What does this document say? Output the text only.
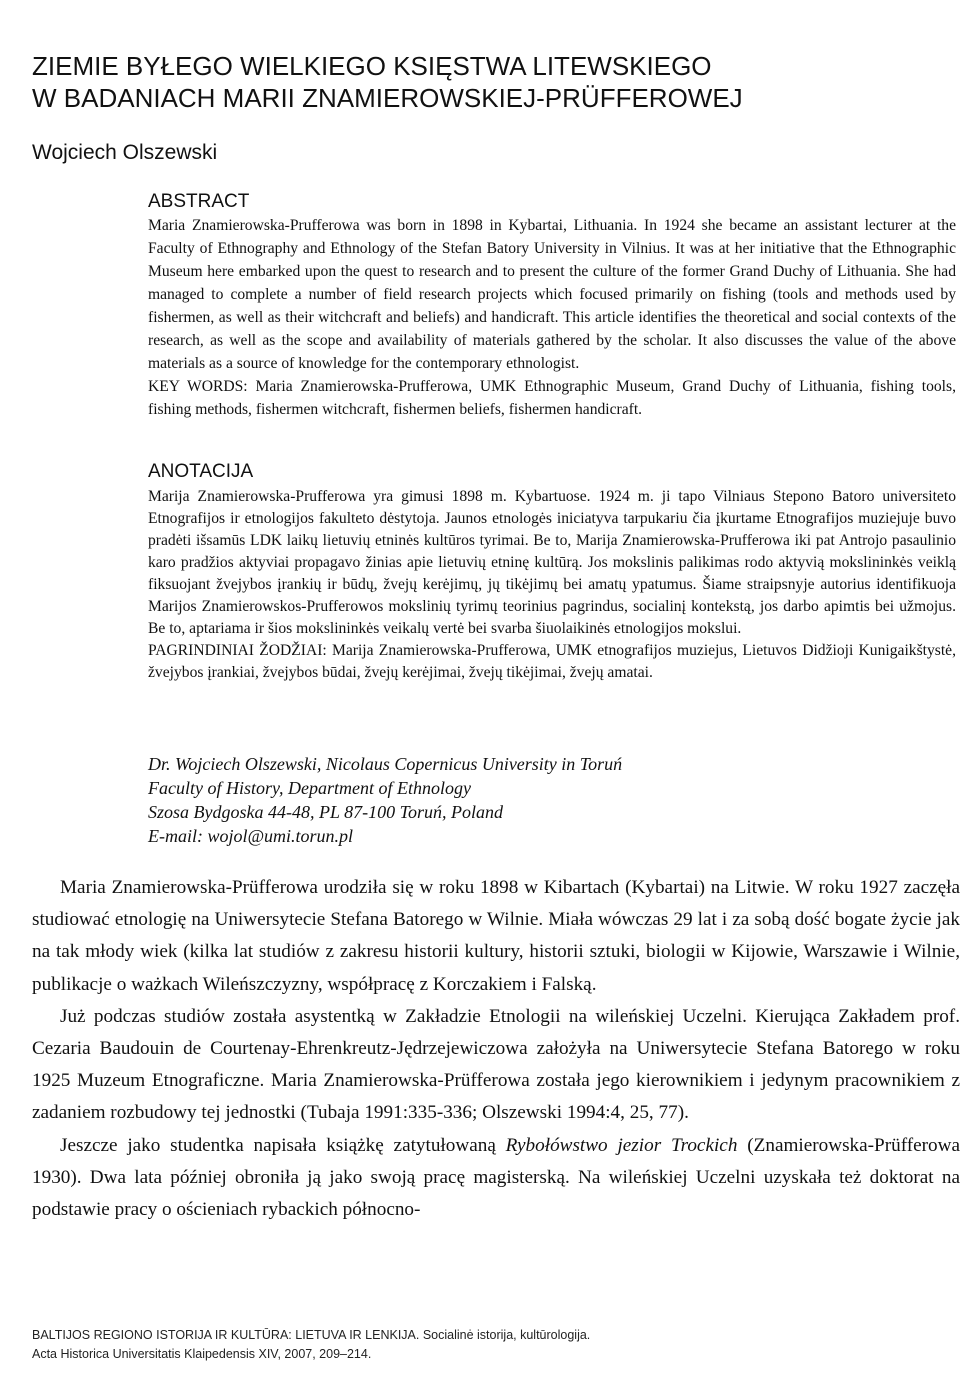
ZIEMIE BYŁEGO WIELKIEGO KSIĘSTWA LITEWSKIEGO
W BADANIACH MARII ZNAMIEROWSKIEJ-PRÜFFEROWEJ
Wojciech Olszewski
ABSTRACT

Maria Znamierowska-Prufferowa was born in 1898 in Kybartai, Lithuania. In 1924 she became an assistant lecturer at the Faculty of Ethnography and Ethnology of the Stefan Batory University in Vilnius. It was at her initiative that the Ethnographic Museum here embarked upon the quest to research and to present the culture of the former Grand Duchy of Lithuania. She had managed to complete a number of field research projects which focused primarily on fishing (tools and methods used by fishermen, as well as their witchcraft and beliefs) and handicraft. This article identifies the theoretical and social contexts of the research, as well as the scope and availability of materials gathered by the scholar. It also discusses the value of the above materials as a source of knowledge for the contemporary ethnologist.

KEY WORDS: Maria Znamierowska-Prufferowa, UMK Ethnographic Museum, Grand Duchy of Lithuania, fishing tools, fishing methods, fishermen witchcraft, fishermen beliefs, fishermen handicraft.

ANOTACIJA

Marija Znamierowska-Prufferowa yra gimusi 1898 m. Kybartuose. 1924 m. ji tapo Vilniaus Stepono Batoro universiteto Etnografijos ir etnologijos fakulteto dėstytoja. Jaunos etnologės iniciatyva tarpukariu čia įkurtame Etnografijos muziejuje buvo pradėti išsamūs LDK laikų lietuvių etninės kultūros tyrimai. Be to, Marija Znamierowska-Prufferowa iki pat Antrojo pasaulinio karo pradžios aktyviai propagavo žinias apie lietuvių etninę kultūrą. Jos mokslinis palikimas rodo aktyvią mokslininkės veiklą fiksuojant žvejybos įrankių ir būdų, žvejų kerėjimų, jų tikėjimų bei amatų ypatumus. Šiame straipsnyje autorius identifikuoja Marijos Znamierowskos-Prufferowos mokslinių tyrimų teorinius pagrindus, socialinį kontekstą, jos darbo apimtis bei užmojus. Be to, aptariama ir šios mokslininkės veikalų vertė bei svarba šiuolaikinės etnologijos mokslui.

PAGRINDINIAI ŽODŽIAI: Marija Znamierowska-Prufferowa, UMK etnografijos muziejus, Lietuvos Didžioji Kunigaikštystė, žvejybos įrankiai, žvejybos būdai, žvejų kerėjimai, žvejų tikėjimai, žvejų amatai.

Dr. Wojciech Olszewski, Nicolaus Copernicus University in Toruń
Faculty of History, Department of Ethnology
Szosa Bydgoska 44-48, PL 87-100 Toruń, Poland
E-mail: wojol@umi.torun.pl

Maria Znamierowska-Prüfferowa urodziła się w roku 1898 w Kibartach (Kybartai) na Litwie. W roku 1927 zaczęła studiować etnologię na Uniwersytecie Stefana Batorego w Wilnie. Miała wówczas 29 lat i za sobą dość bogate życie jak na tak młody wiek (kilka lat studiów z zakresu historii kultury, historii sztuki, biologii w Kijowie, Warszawie i Wilnie, publikacje o ważkach Wileńszczyzny, współpracę z Korczakiem i Falską.

Już podczas studiów została asystentką w Zakładzie Etnologii na wileńskiej Uczelni. Kierująca Zakładem prof. Cezaria Baudouin de Courtenay-Ehrenkreutz-Jędrzejewiczowa założyła na Uniwersytecie Stefana Batorego w roku 1925 Muzeum Etnograficzne. Maria Znamierowska-Prüfferowa została jego kierownikiem i jedynym pracownikiem z zadaniem rozbudowy tej jednostki (Tubaja 1991:335-336; Olszewski 1994:4, 25, 77).

Jeszcze jako studentka napisała książkę zatytułowaną Rybołówstwo jezior Trockich (Znamierowska-Prüfferowa 1930). Dwa lata później obroniła ją jako swoją pracę magisterską. Na wileńskiej Uczelni uzyskała też doktorat na podstawie pracy o ościeniach rybackich północno-

BALTIJOS REGIONO ISTORIJA IR KULTŪRA: LIETUVA IR LENKIJA. Socialinė istorija, kultūrologija.
Acta Historica Universitatis Klaipedensis XIV, 2007, 209–214.
